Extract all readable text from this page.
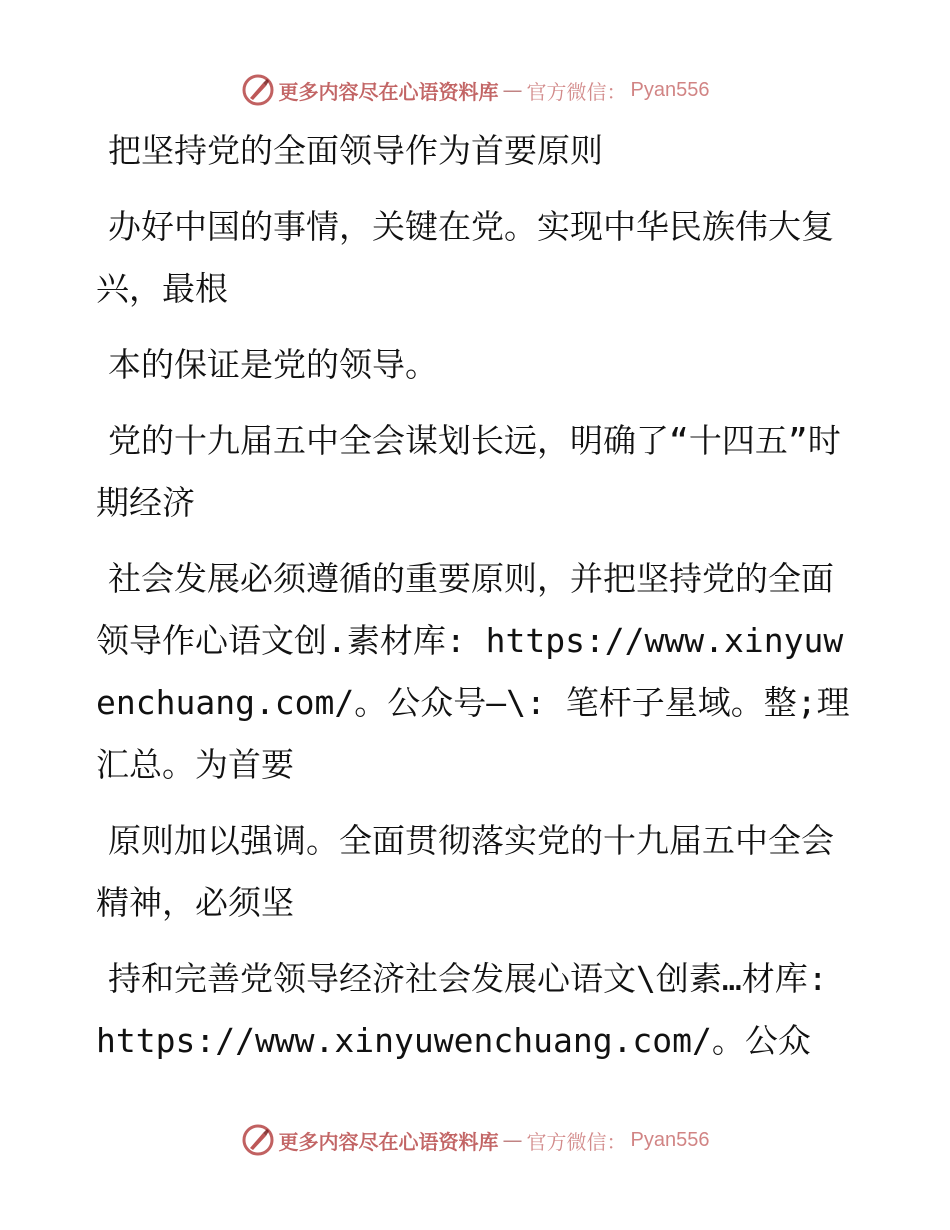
更多内容尽在心语资料库 — 官方微信： Pyan556

把坚持党的全面领导作为首要原则

办好中国的事情，关键在党。实现中华民族伟大复兴，最根

本的保证是党的领导。

党的十九届五中全会谋划长远，明确了“十四五”时期经济

社会发展必须遵循的重要原则，并把坚持党的全面领导作心语文创.素材库: https://www.xinyuwenchuang.com/。公众号—\: 笔杆子星域。整;理汇总。为首要

原则加以强调。全面贯彻落实党的十九届五中全会精神，必须坚

持和完善党领导经济社会发展心语文\创素…材库: https://www.xinyuwenchuang.com/。公众

更多内容尽在心语资料库 — 官方微信： Pyan556
